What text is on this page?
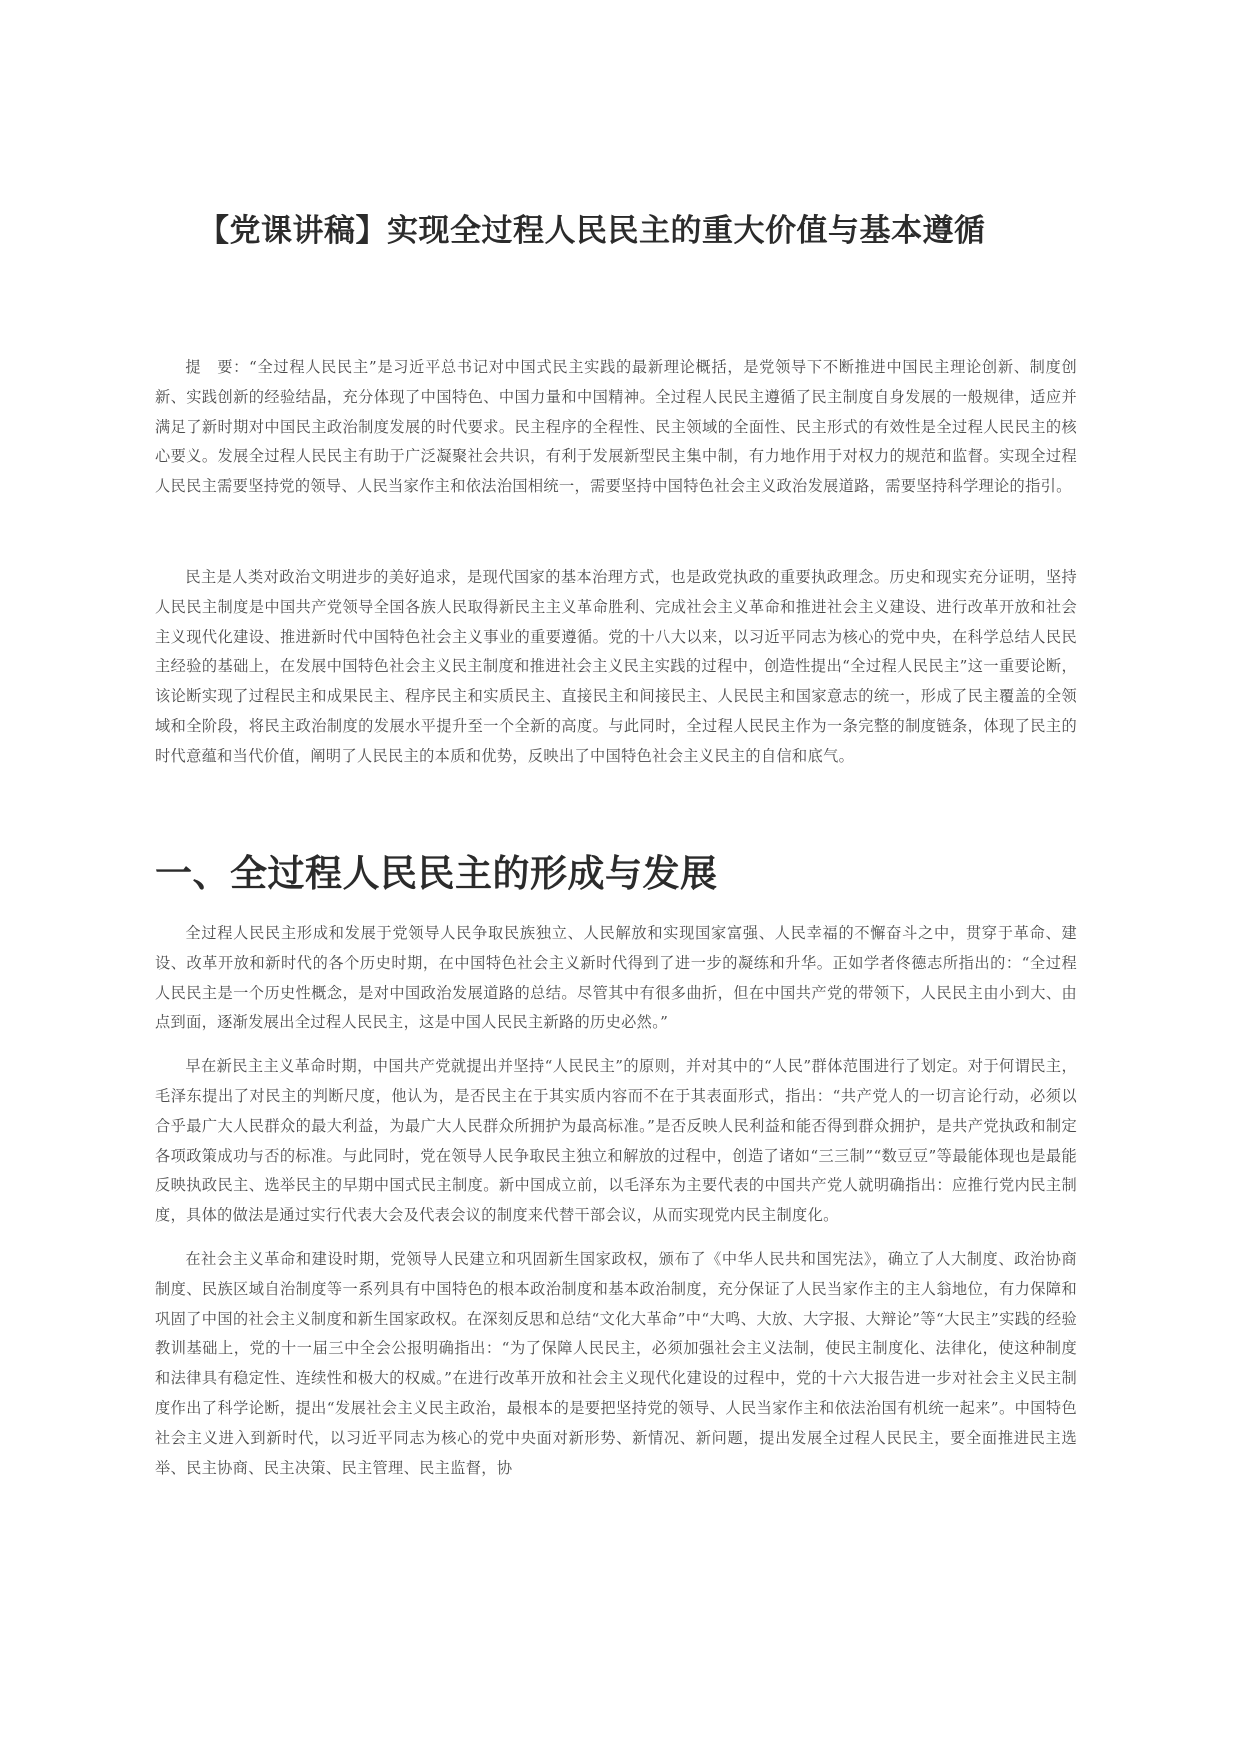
【党课讲稿】实现全过程人民民主的重大价值与基本遵循

提　要：“全过程人民民主”是习近平总书记对中国式民主实践的最新理论概括，是党领导下不断推进中国民主理论创新、制度创新、实践创新的经验结晶，充分体现了中国特色、中国力量和中国精神。全过程人民民主遵循了民主制度自身发展的一般规律，适应并满足了新时期对中国民主政治制度发展的时代要求。民主程序的全程性、民主领域的全面性、民主形式的有效性是全过程人民民主的核心要义。发展全过程人民民主有助于广泛凝聚社会共识，有利于发展新型民主集中制，有力地作用于对权力的规范和监督。实现全过程人民民主需要坚持党的领导、人民当家作主和依法治国相统一，需要坚持中国特色社会主义政治发展道路，需要坚持科学理论的指引。

民主是人类对政治文明进步的美好追求，是现代国家的基本治理方式，也是政党执政的重要执政理念。历史和现实充分证明，坚持人民民主制度是中国共产党领导全国各族人民取得新民主主义革命胜利、完成社会主义革命和推进社会主义建设、进行改革开放和社会主义现代化建设、推进新时代中国特色社会主义事业的重要遵循。党的十八大以来，以习近平同志为核心的党中央，在科学总结人民民主经验的基础上，在发展中国特色社会主义民主制度和推进社会主义民主实践的过程中，创造性提出“全过程人民民主”这一重要论断，该论断实现了过程民主和成果民主、程序民主和实质民主、直接民主和间接民主、人民民主和国家意志的统一，形成了民主覆盖的全领域和全阶段，将民主政治制度的发展水平提升至一个全新的高度。与此同时，全过程人民民主作为一条完整的制度链条，体现了民主的时代意蕴和当代价值，阐明了人民民主的本质和优势，反映出了中国特色社会主义民主的自信和底气。

一、全过程人民民主的形成与发展

全过程人民民主形成和发展于党领导人民争取民族独立、人民解放和实现国家富强、人民幸福的不懈奋斗之中，贯穿于革命、建设、改革开放和新时代的各个历史时期，在中国特色社会主义新时代得到了进一步的凝练和升华。正如学者佟德志所指出的：“全过程人民民主是一个历史性概念，是对中国政治发展道路的总结。尽管其中有很多曲折，但在中国共产党的带领下，人民民主由小到大、由点到面，逐渐发展出全过程人民民主，这是中国人民民主新路的历史必然。”

早在新民主主义革命时期，中国共产党就提出并坚持“人民民主”的原则，并对其中的“人民”群体范围进行了划定。对于何谓民主，毛泽东提出了对民主的判断尺度，他认为，是否民主在于其实质内容而不在于其表面形式，指出：“共产党人的一切言论行动，必须以合乎最广大人民群众的最大利益，为最广大人民群众所拥护为最高标准。”是否反映人民利益和能否得到群众拥护，是共产党执政和制定各项政策成功与否的标准。与此同时，党在领导人民争取民主独立和解放的过程中，创造了诸如“三三制”“数豆豆”等最能体现也是最能反映执政民主、选举民主的早期中国式民主制度。新中国成立前，以毛泽东为主要代表的中国共产党人就明确指出：应推行党内民主制度，具体的做法是通过实行代表大会及代表会议的制度来代替干部会议，从而实现党内民主制度化。

在社会主义革命和建设时期，党领导人民建立和巩固新生国家政权，颁布了《中华人民共和国宪法》，确立了人大制度、政治协商制度、民族区域自治制度等一系列具有中国特色的根本政治制度和基本政治制度，充分保证了人民当家作主的主人翁地位，有力保障和巩固了中国的社会主义制度和新生国家政权。在深刻反思和总结“文化大革命”中“大鸣、大放、大字报、大辩论”等“大民主”实践的经验教训基础上，党的十一届三中全会公报明确指出：“为了保障人民民主，必须加强社会主义法制，使民主制度化、法律化，使这种制度和法律具有稳定性、连续性和极大的权威。”在进行改革开放和社会主义现代化建设的过程中，党的十六大报告进一步对社会主义民主制度作出了科学论断，提出“发展社会主义民主政治，最根本的是要把坚持党的领导、人民当家作主和依法治国有机统一起来”。中国特色社会主义进入到新时代，以习近平同志为核心的党中央面对新形势、新情况、新问题，提出发展全过程人民民主，要全面推进民主选举、民主协商、民主决策、民主管理、民主监督，协
